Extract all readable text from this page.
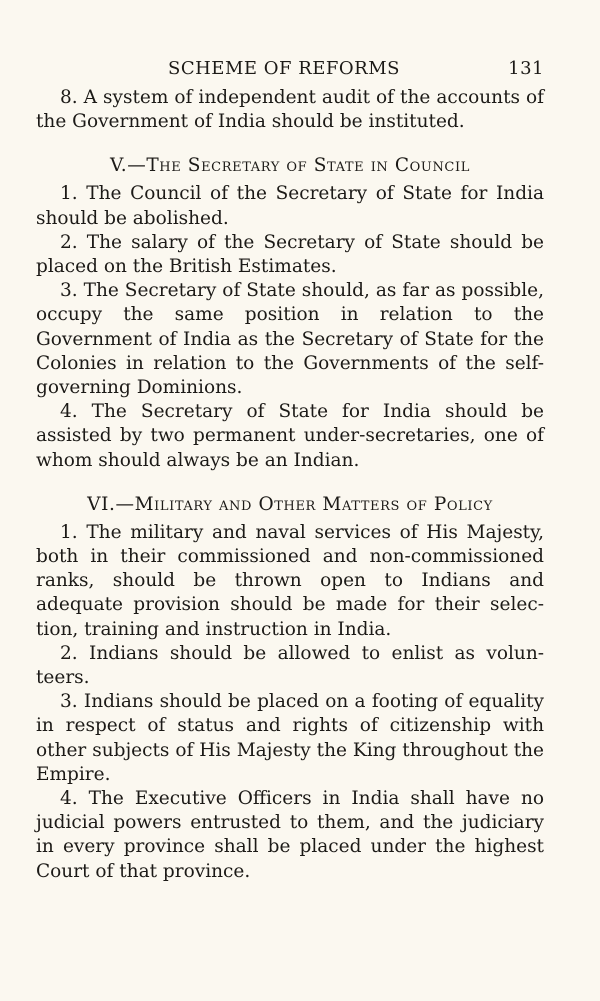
SCHEME OF REFORMS	131

8. A system of independent audit of the accounts of the Government of India should be instituted.

V.—The Secretary of State in Council

1. The Council of the Secretary of State for India should be abolished.

2. The salary of the Secretary of State should be placed on the British Estimates.

3. The Secretary of State should, as far as possible, occupy the same position in relation to the Government of India as the Secretary of State for the Colonies in relation to the Governments of the self-governing Dominions.

4. The Secretary of State for India should be assisted by two permanent under-secretaries, one of whom should always be an Indian.

VI.—Military and Other Matters of Policy

1. The military and naval services of His Majesty, both in their commissioned and non-commissioned ranks, should be thrown open to Indians and adequate provision should be made for their selection, training and instruction in India.

2. Indians should be allowed to enlist as volunteers.

3. Indians should be placed on a footing of equality in respect of status and rights of citizenship with other subjects of His Majesty the King throughout the Empire.

4. The Executive Officers in India shall have no judicial powers entrusted to them, and the judiciary in every province shall be placed under the highest Court of that province.
